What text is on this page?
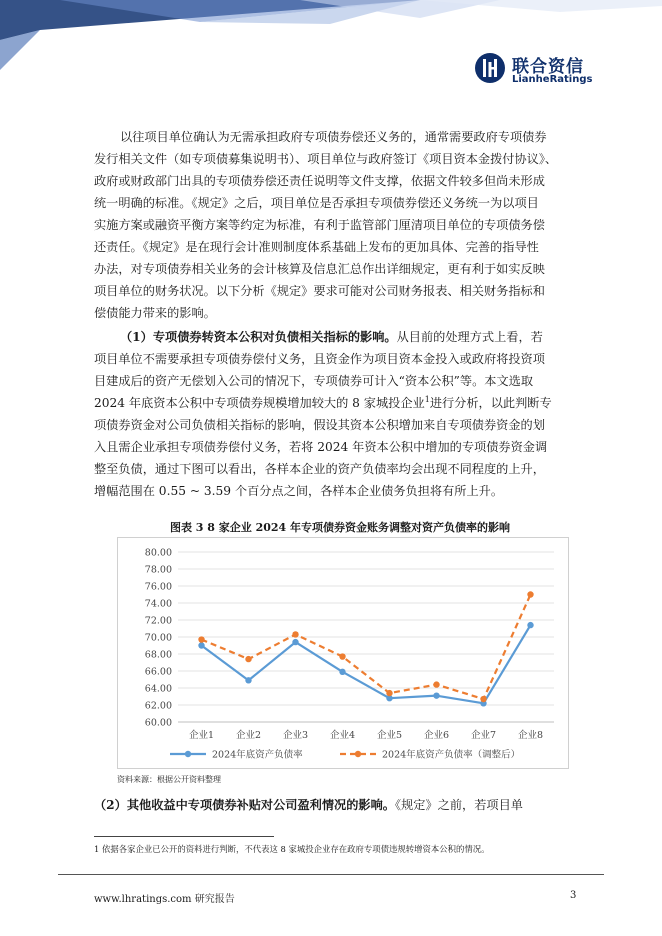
联合资信
LianheRatings
以往项目单位确认为无需承担政府专项债券偿还义务的，通常需要政府专项债券
发行相关文件（如专项债募集说明书）、项目单位与政府签订《项目资本金拨付协议》、
政府或财政部门出具的专项债券偿还责任说明等文件支撑，依据文件较多但尚未形成
统一明确的标准。《规定》之后，项目单位是否承担专项债券偿还义务统一为以项目
实施方案或融资平衡方案等约定为标准，有利于监管部门厘清项目单位的专项债务偿
还责任。《规定》是在现行会计准则制度体系基础上发布的更加具体、完善的指导性
办法，对专项债券相关业务的会计核算及信息汇总作出详细规定，更有利于如实反映
项目单位的财务状况。以下分析《规定》要求可能对公司财务报表、相关财务指标和
偿债能力带来的影响。
（1）专项债券转资本公积对负债相关指标的影响。从目前的处理方式上看，若
项目单位不需要承担专项债券偿付义务，且资金作为项目资本金投入或政府将投资项
目建成后的资产无偿划入公司的情况下，专项债券可计入“资本公积”等。本文选取
2024 年底资本公积中专项债券规模增加较大的 8 家城投企业$^1$进行分析，以此判断专
项债券资金对公司负债相关指标的影响，假设其资本公积增加来自专项债券资金的划
入且需企业承担专项债券偿付义务，若将 2024 年资本公积中增加的专项债券资金调
整至负债，通过下图可以看出，各样本企业的资产负债率均会出现不同程度的上升，
增幅范围在 0.55 ~ 3.59 个百分点之间，各样本企业债务负担将有所上升。
图表 3 8 家企业 2024 年专项债券资金账务调整对资产负债率的影响
60.00
62.00
64.00
66.00
68.00
70.00
72.00
74.00
76.00
78.00
80.00
企业1 企业2 企业3 企业4 企业5 企业6 企业7 企业8
2024年底资产负债率	2024年底资产负债率（调整后）
资料来源：根据公开资料整理
（2）其他收益中专项债券补贴对公司盈利情况的影响。《规定》之前，若项目单
1 依据各家企业已公开的资料进行判断，不代表这 8 家城投企业存在政府专项债违规转增资本公积的情况。
www.lhratings.com 研究报告	3
